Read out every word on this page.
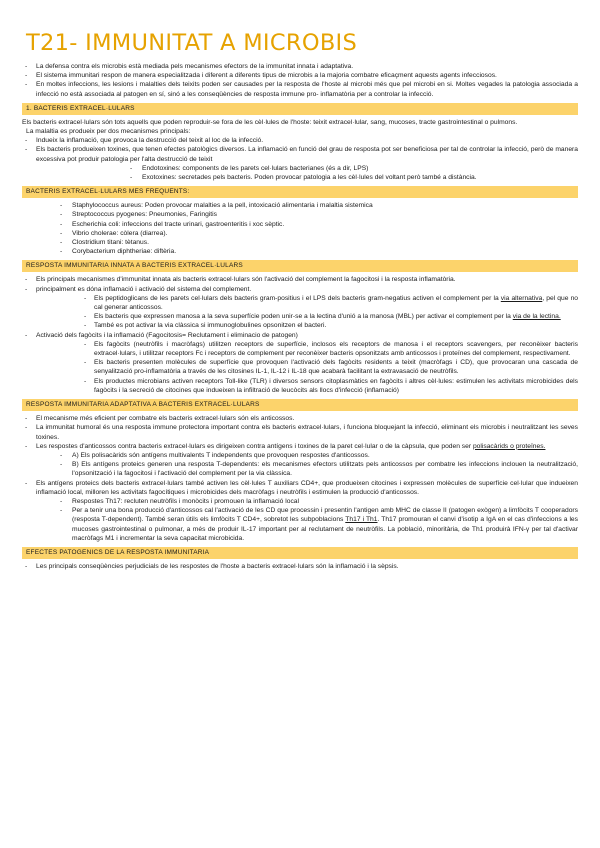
T21- IMMUNITAT A MICROBIS
- La defensa contra els microbis està mediada pels mecanismes efectors de la immunitat innata i adaptativa.
- El sistema immunitari respon de manera especialitzada i diferent a diferents tipus de microbis a la majoria combatre eficaçment aquests agents infecciosos.
- En moltes infeccions, les lesions i malalties dels teixits poden ser causades per la resposta de l'hoste al microbi més que pel microbi en si. Moltes vegades la patologia associada a infecció no està associada al patogen en sí, sinó a les conseqüències de resposta immune pro- inflamatòria per a controlar la infecció.
1. BACTERIS EXTRACEL·LULARS
Els bacteris extracel·lulars són tots aquells que poden reproduir-se fora de les cèl·lules de l'hoste: teixit extracel·lular, sang, mucoses, tracte gastrointestinal o pulmons.
La malaltia es produeix per dos mecanismes principals:
- Indueix la inflamació, que provoca la destrucció del teixit al loc de la infecció.
- Els bacteris produeixen toxines, que tenen efectes patològics diversos. La inflamació en funció del grau de resposta pot ser beneficiosa per tal de controlar la infecció, però de manera excessiva pot produir patologia per l'alta destrucció de teixit
- Endotoxines: components de les parets cel·lulars bacterianes (és a dir, LPS)
- Exotoxines: secretades pels bacteris. Poden provocar patologia a les cèl·lules del voltant però també a distància.
BACTERIS EXTRACEL·LULARS MES FREQUENTS:
- Staphylococcus aureus: Poden provocar malalties a la pell, intoxicació alimentaria i malaltia sistemica
- Streptococcus pyogenes: Pneumonies, Faringitis
- Escherichia coli: infeccions del tracte urinari, gastroenteritis i xoc sèptic.
- Vibrio cholerae: còlera (diarrea).
- Clostridium titani: tètanus.
- Corybacterium diphtheriae: diftèria.
RESPOSTA IMMUNITARIA INNATA A BACTERIS EXTRACEL·LULARS
- Els principals mecanismes d'immunitat innata als bacteris extracel·lulars són l'activació del complement la fagocitosi i la resposta inflamatòria.
- principalment es dóna inflamació i activació del sistema del complement.
- Els peptidoglicans de les parets cel·lulars dels bacteris gram-positius i el LPS dels bacteris gram-negatius activen el complement per la via alternativa, pel que no cal generar anticossos.
- Els bacteris que expressen manosa a la seva superfície poden unir-se a la lectina d'unió a la manosa (MBL) per activar el complement per la via de la lectina.
- També es pot activar la via clàssica si immunoglobulines opsonitzen el bacteri.
- Activació dels fagòcits i la inflamació (Fagocitosis= Reclutament i eliminacio de patogen)
- Els fagòcits (neutròfils i macròfags) utilitzen receptors de superfície, inclosos els receptors de manosa i el receptors scavengers, per reconèixer bacteris extracel·lulars, i utilitzar receptors Fc i receptors de complement per reconèixer bacteris opsonitzats amb anticossos i proteïnes del complement, respectivament.
- Els bacteris presenten molècules de superfície que provoquen l'activació dels fagòcits residents a teixit (macròfags i CD), que provocaran una cascada de senyalització pro-inflamatòria a través de les citosines IL-1, IL-12 i IL-18 que acabarà facilitant la extravasació de neutròfils.
- Els productes microbians activen receptors Toll-like (TLR) i diversos sensors citoplasmàtics en fagòcits i altres cèl·lules: estimulen les activitats microbicides dels fagòcits i la secreció de citocines que indueixen la infiltració de leucòcits als llocs d'infecció (inflamació)
RESPOSTA IMMUNITARIA ADAPTATIVA A BACTERIS EXTRACEL·LULARS
- El mecanisme més eficient per combatre els bacteris extracel·lulars són els anticossos.
- La immunitat humoral és una resposta immune protectora important contra els bacteris extracel·lulars, i funciona bloquejant la infecció, eliminant els microbis i neutralitzant les seves toxines.
- Les respostes d'anticossos contra bacteris extracel·lulars es dirigeixen contra antígens i toxines de la paret cel·lular o de la càpsula, que poden ser polisacàrids o proteïnes.
- A) Els polisacàrids són antígens multivalents T independents que provoquen respostes d'anticossos.
- B) Els antígens proteics generen una resposta T-dependents: els mecanismes efectors utilitzats pels anticossos per combatre les infeccions inclouen la neutralització, l'opsonització i la fagocitosi i l'activació del complement per la via clàssica.
- Els antígens proteics dels bacteris extracel·lulars també activen les cèl·lules T auxiliars CD4+, que produeixen citocines i expressen molècules de superfície cel·lular que indueixen inflamació local, milloren les activitats fagocítiques i microbicides dels macròfags i neutròfils i estimulen la producció d'anticossos.
- Respostes Th17: recluten neutròfils i monòcits i promouen la inflamació local
- Per a tenir una bona producció d'anticossos cal l'activació de les CD que processin i presentin l'antigen amb MHC de classe II (patogen exògen) a limfòcits T cooperadors (resposta T-dependent). També seran útils els limfòcits T CD4+, sobretot les subpoblacions Th17 i Th1. Th17 promouran el canvi d'isotip a IgA en el cas d'infeccions a les mucoses gastrointestinal o pulmonar, a més de produir IL-17 important per al reclutament de neutròfils. La població, minoritària, de Th1 produirà IFN-γ per tal d'activar macròfags M1 i incrementar la seva capacitat microbicida.
EFECTES PATOGENICS DE LA RESPOSTA IMMUNITARIA
- Les principals conseqüències perjudicials de les respostes de l'hoste a bacteris extracel·lulars són la inflamació i la sèpsis.
